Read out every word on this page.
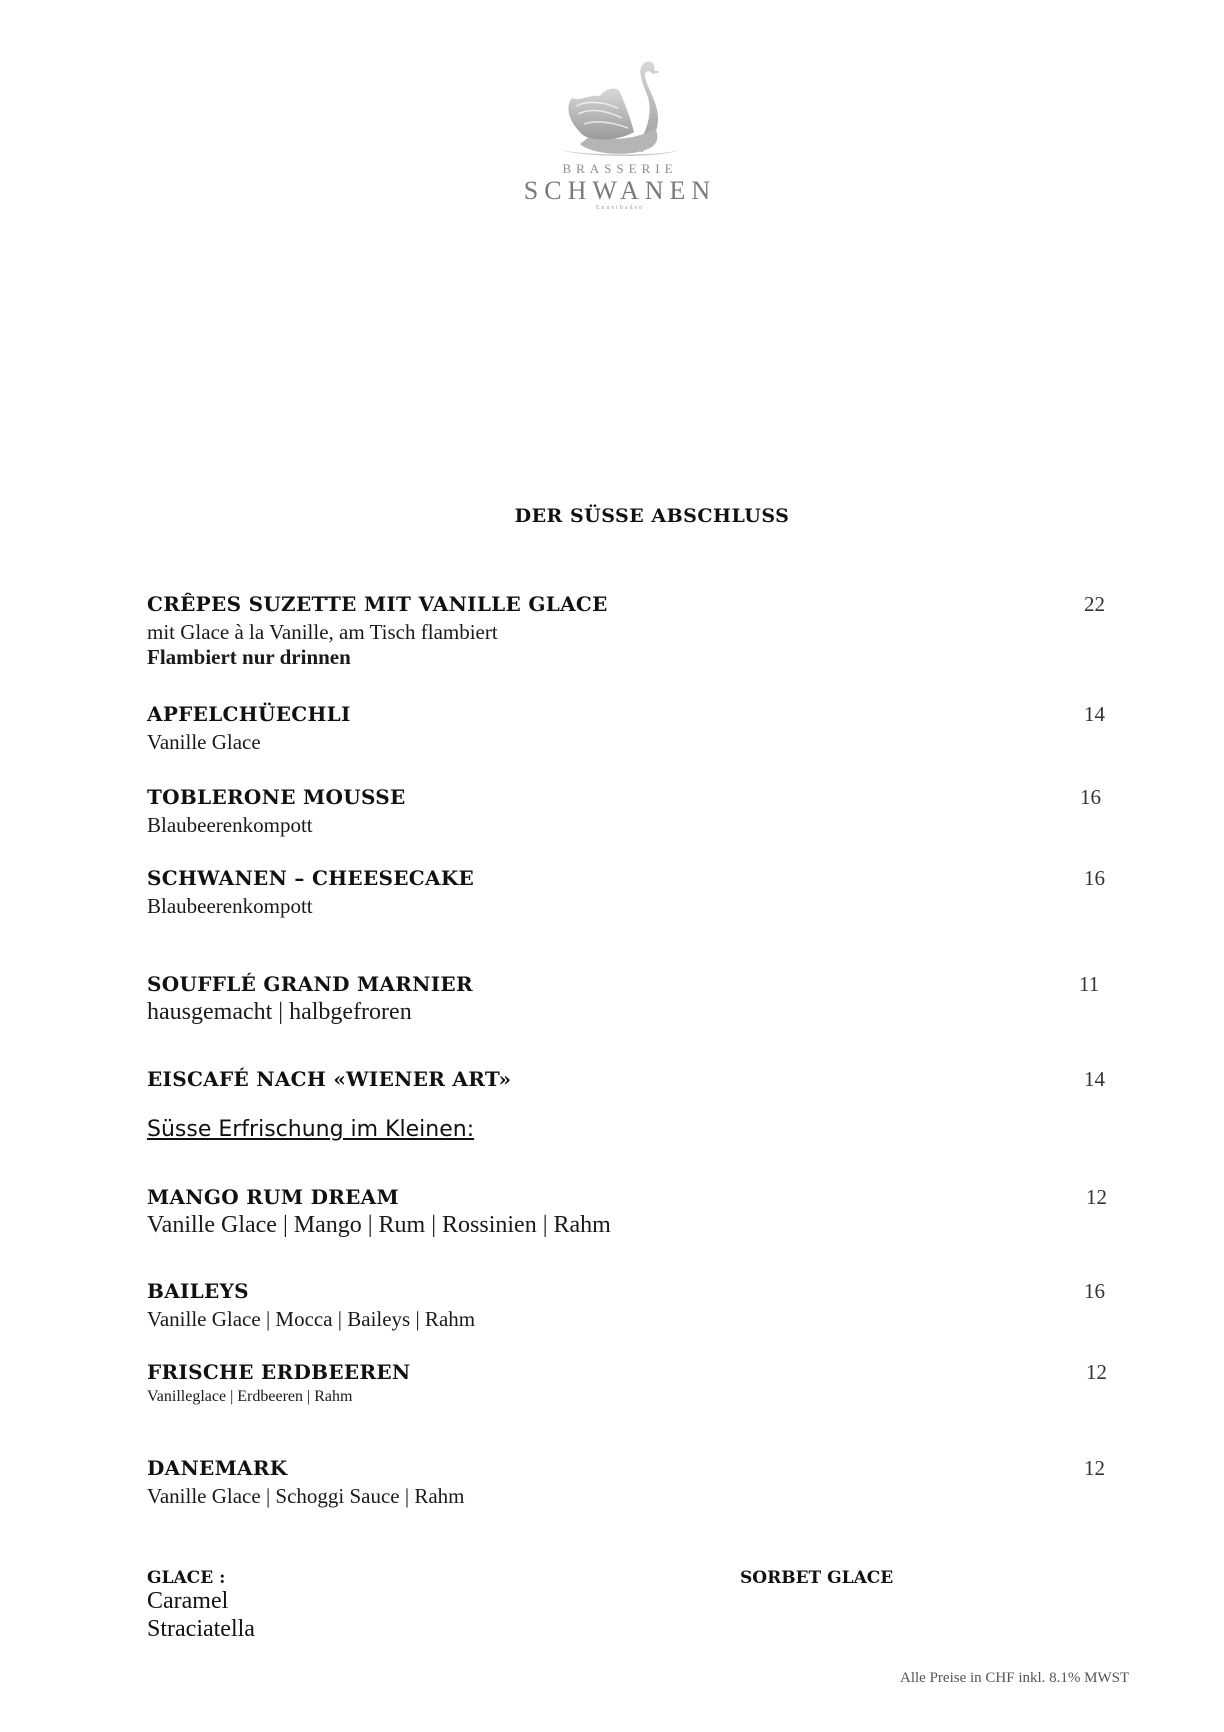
BRASSERIE
SCHWANEN
Ennetbaden
DER SÜSSE ABSCHLUSS
CRÊPES SUZETTE MIT VANILLE GLACE
mit Glace à la Vanille, am Tisch flambiert
Flambiert nur drinnen
22
APFELCHÜECHLI
Vanille Glace
14
TOBLERONE MOUSSE
Blaubeerenkompott
16
SCHWANEN – CHEESECAKE
Blaubeerenkompott
16
SOUFFLÉ GRAND MARNIER
hausgemacht | halbgefroren
11
EISCAFÉ NACH «WIENER ART»	14
Süsse Erfrischung im Kleinen:
MANGO RUM DREAM
Vanille Glace | Mango | Rum | Rossinien | Rahm
12
BAILEYS
Vanille Glace | Mocca | Baileys | Rahm
16
FRISCHE ERDBEEREN
Vanilleglace | Erdbeeren | Rahm
12
DANEMARK
Vanille Glace | Schoggi Sauce | Rahm
12
GLACE :
Caramel
Straciatella
SORBET GLACE
Alle Preise in CHF inkl. 8.1% MWST
